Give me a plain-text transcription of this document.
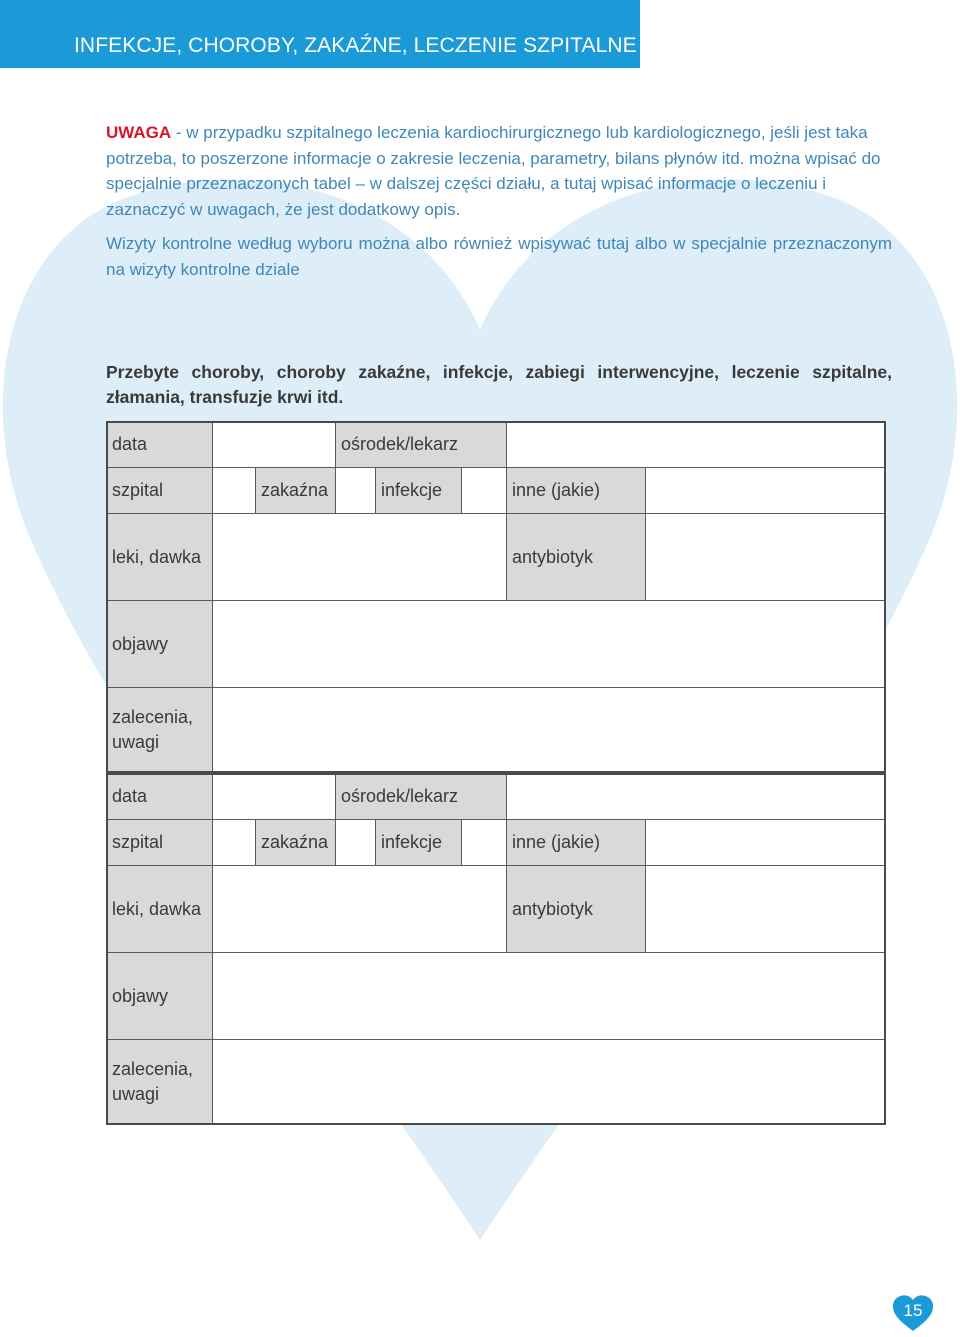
INFEKCJE, CHOROBY, ZAKAŹNE, LECZENIE SZPITALNE
UWAGA - w przypadku szpitalnego leczenia kardiochirurgicznego lub kardiologicznego, jeśli jest taka potrzeba, to poszerzone informacje o zakresie leczenia, parametry, bilans płynów itd. można wpisać do specjalnie przeznaczonych tabel – w dalszej części działu, a tutaj wpisać informacje o leczeniu i zaznaczyć w uwagach, że jest dodatkowy opis.
Wizyty kontrolne według wyboru można albo również wpisywać tutaj albo w specjalnie przeznaczonym na wizyty kontrolne dziale
Przebyte choroby, choroby zakaźne, infekcje, zabiegi interwencyjne, leczenie szpitalne, złamania, transfuzje krwi itd.
data	ośrodek/lekarz
szpital	zakaźna	infekcje	inne (jakie)
leki, dawka	antybiotyk
objawy
zalecenia, uwagi
data	ośrodek/lekarz
szpital	zakaźna	infekcje	inne (jakie)
leki, dawka	antybiotyk
objawy
zalecenia, uwagi
15
